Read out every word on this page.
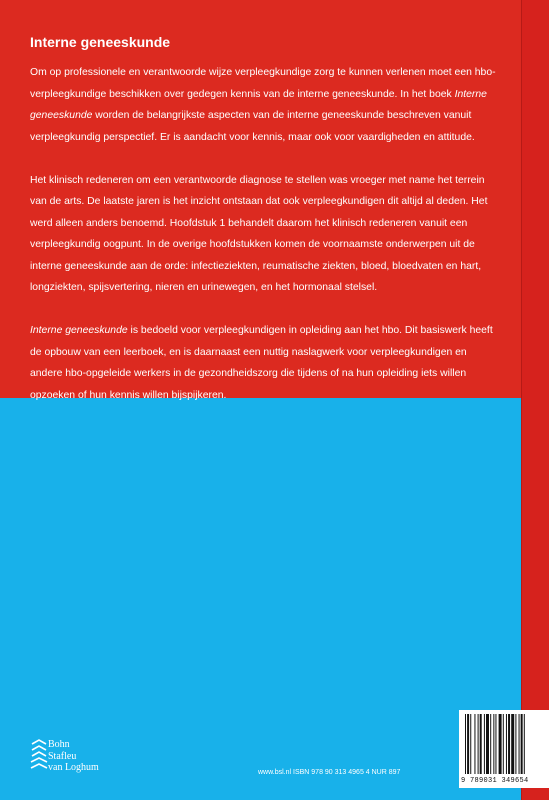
Interne geneeskunde

Om op professionele en verantwoorde wijze verpleegkundige zorg te kunnen verlenen moet een hbo-verpleegkundige beschikken over gedegen kennis van de interne geneeskunde. In het boek Interne geneeskunde worden de belangrijkste aspecten van de interne geneeskunde beschreven vanuit verpleegkundig perspectief. Er is aandacht voor kennis, maar ook voor vaardigheden en attitude.

Het klinisch redeneren om een verantwoorde diagnose te stellen was vroeger met name het terrein van de arts. De laatste jaren is het inzicht ontstaan dat ook verpleegkundigen dit altijd al deden. Het werd alleen anders benoemd. Hoofdstuk 1 behandelt daarom het klinisch redeneren vanuit een verpleegkundig oogpunt. In de overige hoofdstukken komen de voornaamste onderwerpen uit de interne geneeskunde aan de orde: infectieziekten, reumatische ziekten, bloed, bloedvaten en hart, longziekten, spijsvertering, nieren en urinewegen, en het hormonaal stelsel.

Interne geneeskunde is bedoeld voor verpleegkundigen in opleiding aan het hbo. Dit basiswerk heeft de opbouw van een leerboek, en is daarnaast een nuttig naslagwerk voor verpleegkundigen en andere hbo-opgeleide werkers in de gezondheidszorg die tijdens of na hun opleiding iets willen opzoeken of hun kennis willen bijspijkeren.

Bohn
Stafleu
van Loghum	www.bsl.nl ISBN 978 90 313 4965 4 NUR 897
9 789031 349654
